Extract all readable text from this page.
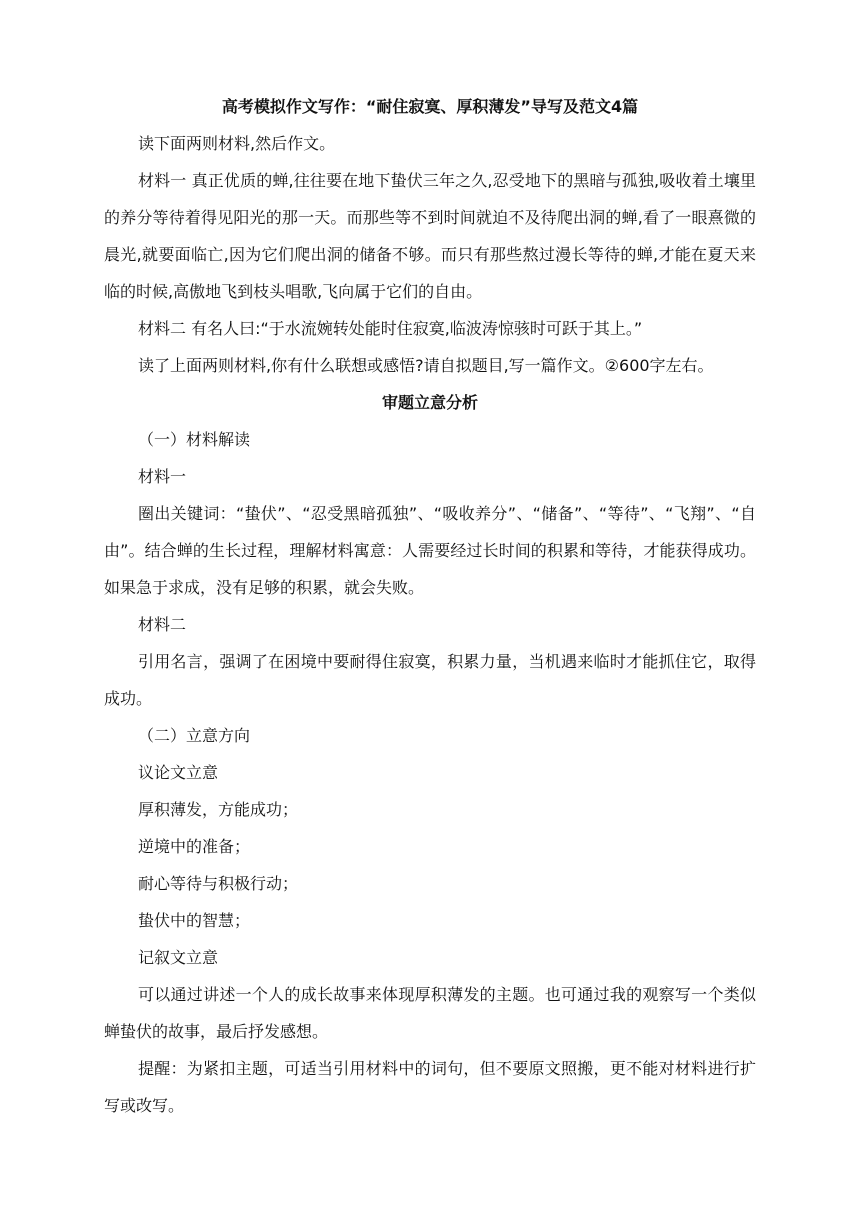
高考模拟作文写作：“耐住寂寞、厚积薄发”导写及范文4篇

读下面两则材料,然后作文。

材料一 真正优质的蝉,往往要在地下蛰伏三年之久,忍受地下的黑暗与孤独,吸收着土壤里的养分等待着得见阳光的那一天。而那些等不到时间就迫不及待爬出洞的蝉,看了一眼熹微的晨光,就要面临亡,因为它们爬出洞的储备不够。而只有那些熬过漫长等待的蝉,才能在夏天来临的时候,高傲地飞到枝头唱歌,飞向属于它们的自由。

材料二 有名人曰:“于水流婉转处能时住寂寞,临波涛惊骇时可跃于其上。”

读了上面两则材料,你有什么联想或感悟?请自拟题目,写一篇作文。②600字左右。

审题立意分析

（一）材料解读

材料一

圈出关键词：“蛰伏”、“忍受黑暗孤独”、“吸收养分”、“储备”、“等待”、“飞翔”、“自由”。结合蝉的生长过程，理解材料寓意：人需要经过长时间的积累和等待，才能获得成功。如果急于求成，没有足够的积累，就会失败。

材料二

引用名言，强调了在困境中要耐得住寂寞，积累力量，当机遇来临时才能抓住它，取得成功。

（二）立意方向

议论文立意

厚积薄发，方能成功；

逆境中的准备；

耐心等待与积极行动；

蛰伏中的智慧；

记叙文立意

可以通过讲述一个人的成长故事来体现厚积薄发的主题。也可通过我的观察写一个类似蝉蛰伏的故事，最后抒发感想。

提醒：为紧扣主题，可适当引用材料中的词句，但不要原文照搬，更不能对材料进行扩写或改写。
